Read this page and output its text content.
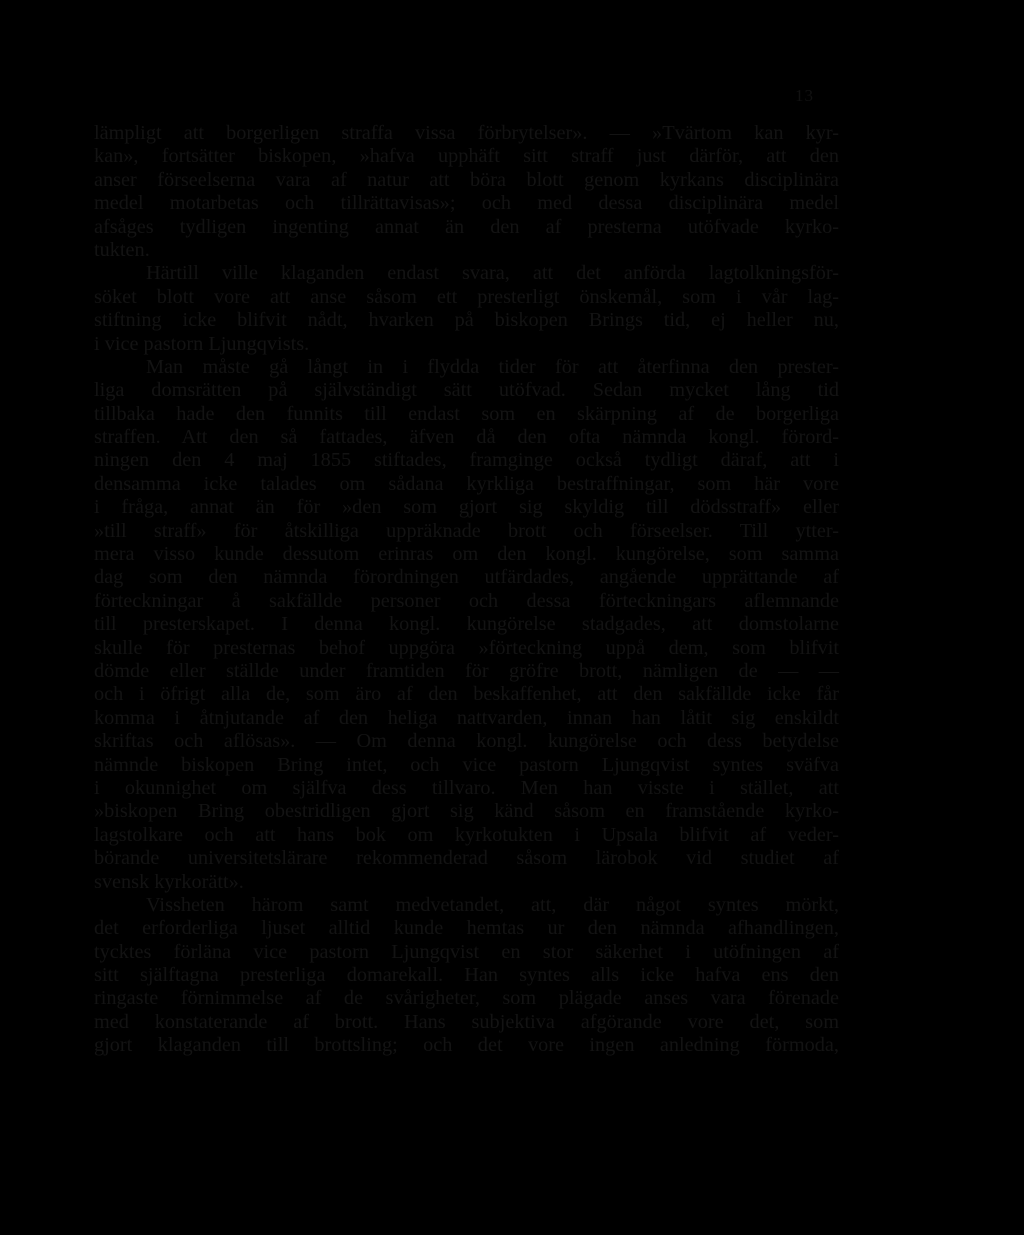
13
lämpligt att borgerligen straffa vissa förbrytelser». — »Tvärtom kan kyr-
kan», fortsätter biskopen, »hafva upphäft sitt straff just därför, att den
anser förseelserna vara af natur att böra blott genom kyrkans disciplinära
medel motarbetas och tillrättavisas»; och med dessa disciplinära medel
afsåges tydligen ingenting annat än den af presterna utöfvade kyrko-
tukten.
Härtill ville klaganden endast svara, att det anförda lagtolkningsför-
söket blott vore att anse såsom ett presterligt önskemål, som i vår lag-
stiftning icke blifvit nådt, hvarken på biskopen Brings tid, ej heller nu,
i vice pastorn Ljungqvists.
Man måste gå långt in i flydda tider för att återfinna den prester-
liga domsrätten på självständigt sätt utöfvad. Sedan mycket lång tid
tillbaka hade den funnits till endast som en skärpning af de borgerliga
straffen. Att den så fattades, äfven då den ofta nämnda kongl. förord-
ningen den 4 maj 1855 stiftades, framginge också tydligt däraf, att i
densamma icke talades om sådana kyrkliga bestraffningar, som här vore
i fråga, annat än för »den som gjort sig skyldig till dödsstraff» eller
»till straff» för åtskilliga uppräknade brott och förseelser. Till ytter-
mera visso kunde dessutom erinras om den kongl. kungörelse, som samma
dag som den nämnda förordningen utfärdades, angående upprättande af
förteckningar å sakfällde personer och dessa förteckningars aflemnande
till presterskapet. I denna kongl. kungörelse stadgades, att domstolarne
skulle för presternas behof uppgöra »förteckning uppå dem, som blifvit
dömde eller ställde under framtiden för gröfre brott, nämligen de — —
och i öfrigt alla de, som äro af den beskaffenhet, att den sakfällde icke får
komma i åtnjutande af den heliga nattvarden, innan han låtit sig enskildt
skriftas och aflösas». — Om denna kongl. kungörelse och dess betydelse
nämnde biskopen Bring intet, och vice pastorn Ljungqvist syntes sväfva
i okunnighet om själfva dess tillvaro. Men han visste i stället, att
»biskopen Bring obestridligen gjort sig känd såsom en framstående kyrko-
lagstolkare och att hans bok om kyrkotukten i Upsala blifvit af veder-
börande universitetslärare rekommenderad såsom lärobok vid studiet af
svensk kyrkorätt».
Vissheten härom samt medvetandet, att, där något syntes mörkt,
det erforderliga ljuset alltid kunde hemtas ur den nämnda afhandlingen,
tycktes förläna vice pastorn Ljungqvist en stor säkerhet i utöfningen af
sitt själftagna presterliga domarekall. Han syntes alls icke hafva ens den
ringaste förnimmelse af de svårigheter, som plägade anses vara förenade
med konstaterande af brott. Hans subjektiva afgörande vore det, som
gjort klaganden till brottsling; och det vore ingen anledning förmoda,
